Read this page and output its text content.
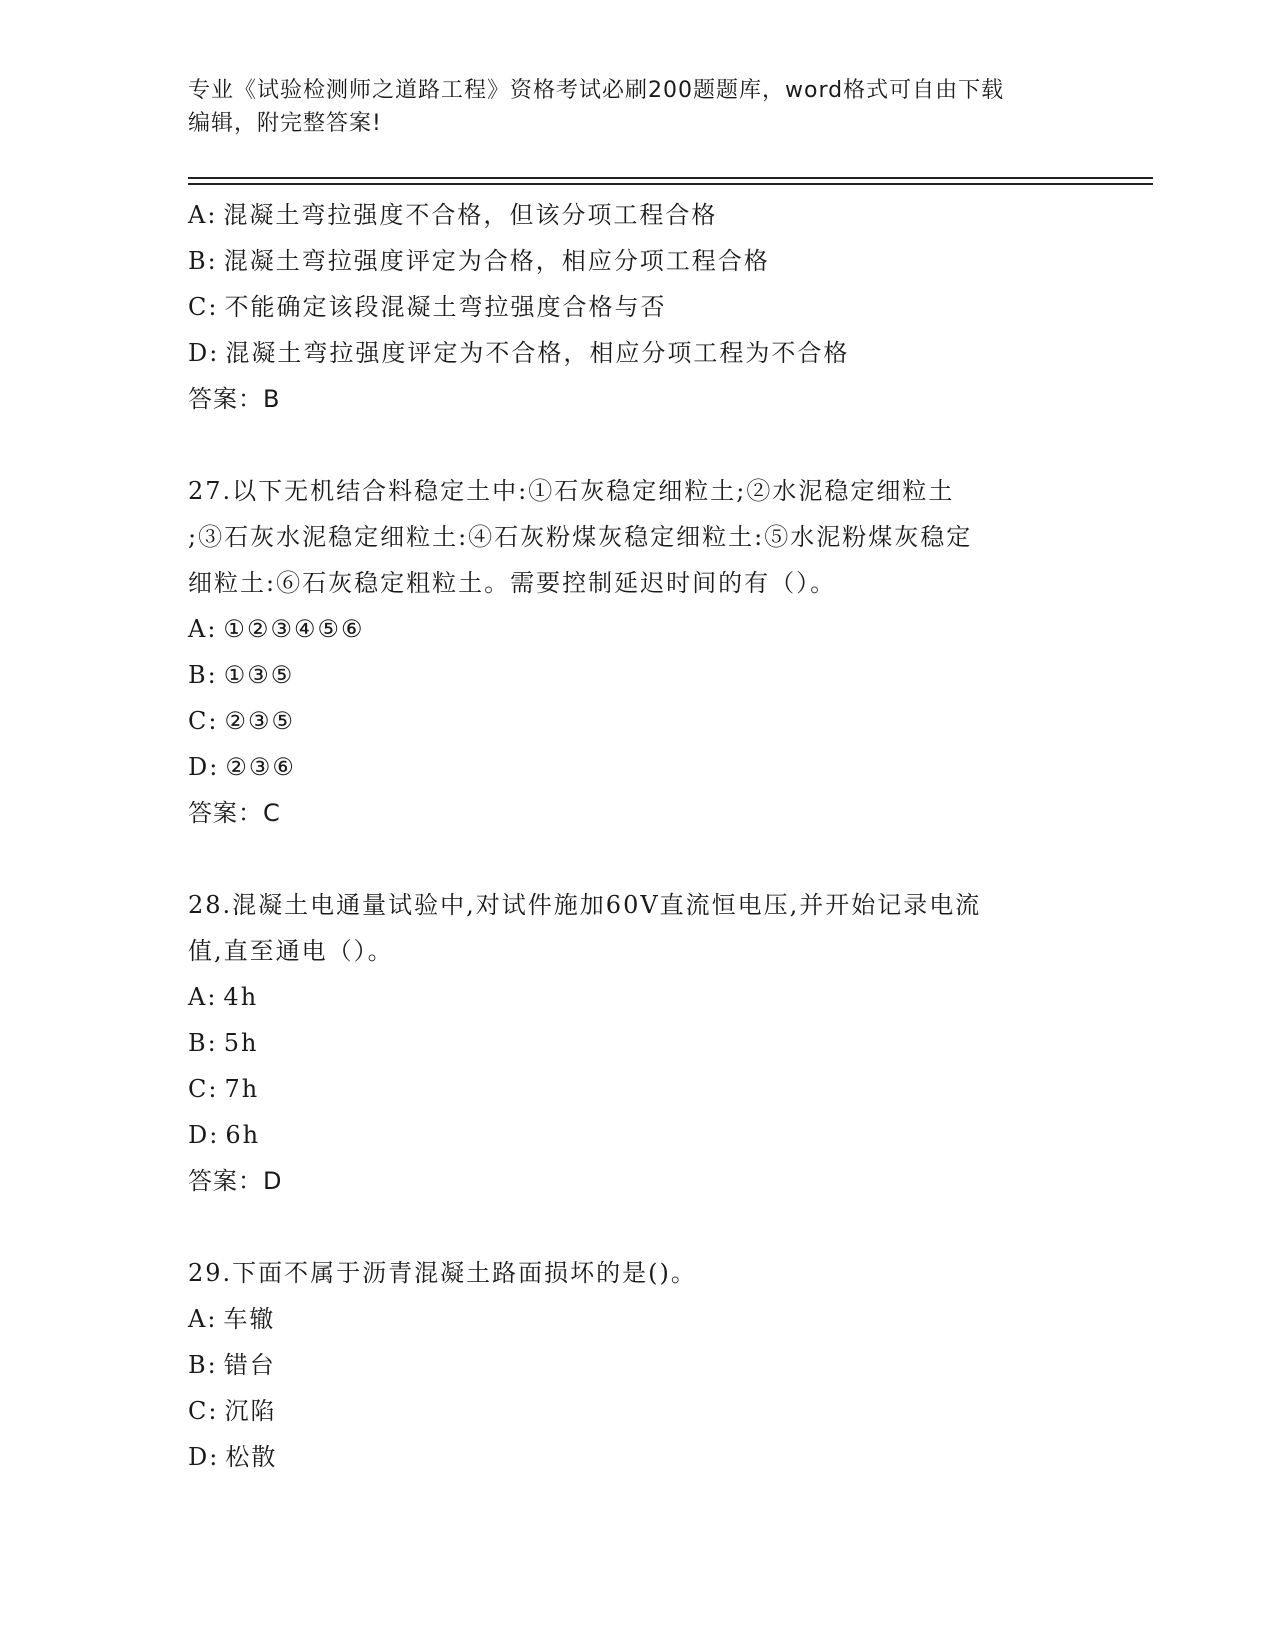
专业《试验检测师之道路工程》资格考试必刷200题题库，word格式可自由下载
编辑，附完整答案!
A: 混凝土弯拉强度不合格，但该分项工程合格
B: 混凝土弯拉强度评定为合格，相应分项工程合格
C: 不能确定该段混凝土弯拉强度合格与否
D: 混凝土弯拉强度评定为不合格，相应分项工程为不合格
答案：B
27.以下无机结合料稳定土中:①石灰稳定细粒土;②水泥稳定细粒土
;③石灰水泥稳定细粒土:④石灰粉煤灰稳定细粒土:⑤水泥粉煤灰稳定
细粒土:⑥石灰稳定粗粒土。需要控制延迟时间的有（）。
A: ①②③④⑤⑥
B: ①③⑤
C: ②③⑤
D: ②③⑥
答案：C
28.混凝土电通量试验中,对试件施加60V直流恒电压,并开始记录电流
值,直至通电（）。
A: 4h
B: 5h
C: 7h
D: 6h
答案：D
29.下面不属于沥青混凝土路面损坏的是()。
A: 车辙
B: 错台
C: 沉陷
D: 松散
